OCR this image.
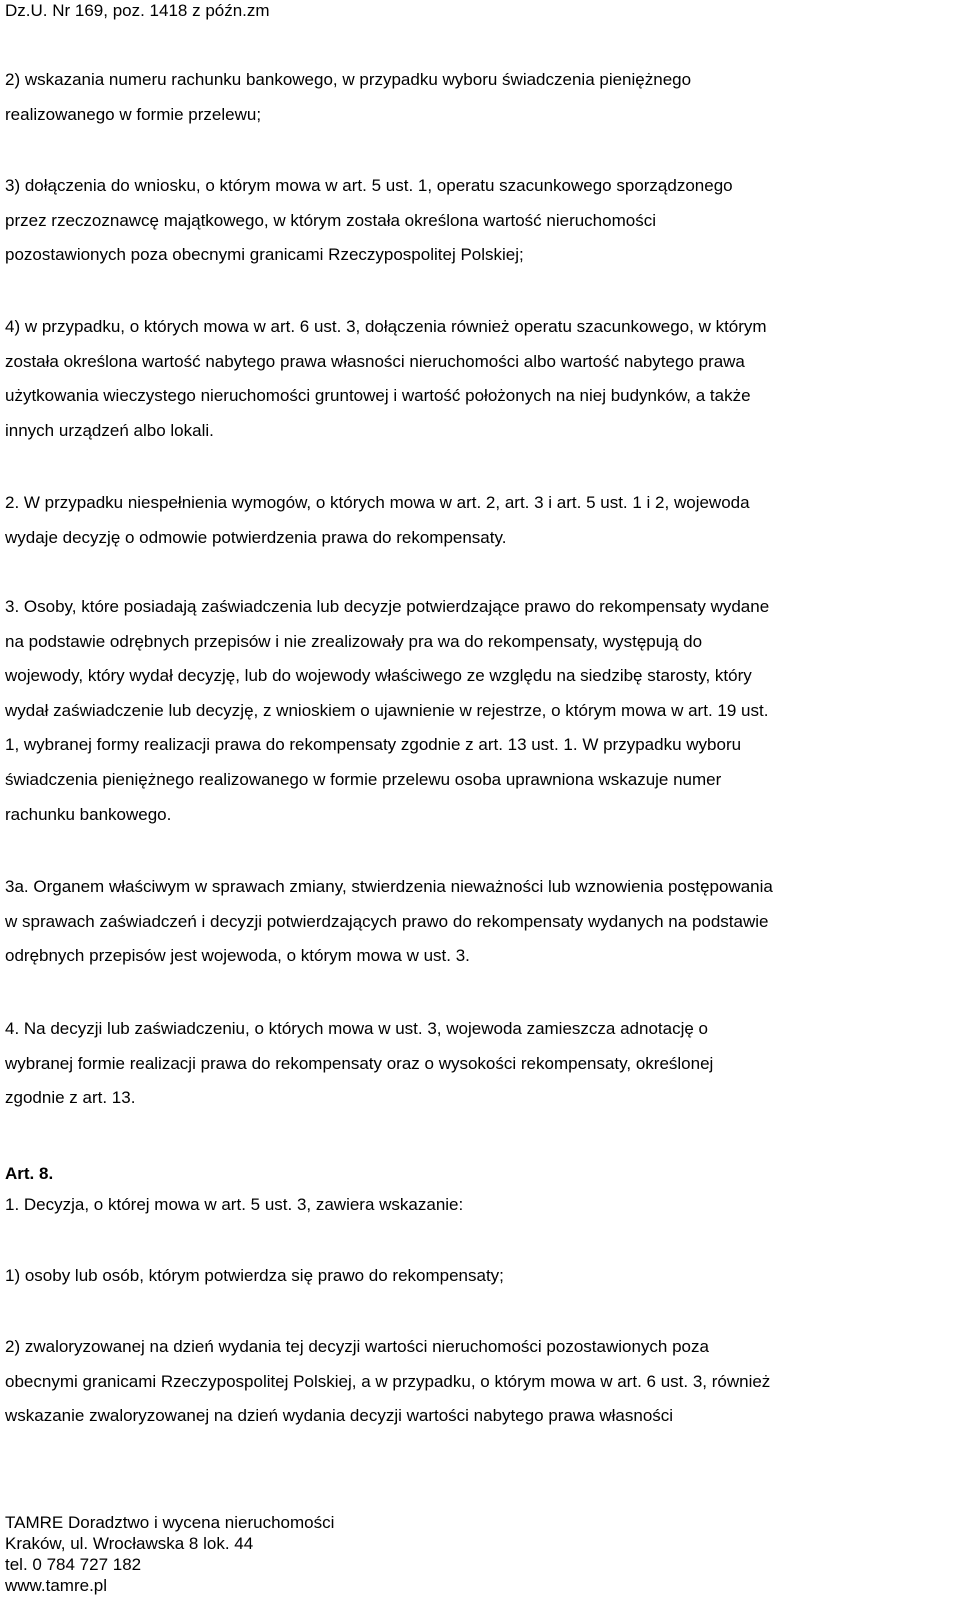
Dz.U. Nr 169, poz. 1418 z późn.zm
2) wskazania numeru rachunku bankowego, w przypadku wyboru świadczenia pieniężnego
realizowanego w formie przelewu;
3) dołączenia do wniosku, o którym mowa w art. 5 ust. 1, operatu szacunkowego sporządzonego
przez rzeczoznawcę majątkowego, w którym została określona wartość nieruchomości
pozostawionych poza obecnymi granicami Rzeczypospolitej Polskiej;
4) w przypadku, o których mowa w art. 6 ust. 3, dołączenia również operatu szacunkowego, w którym
została określona wartość nabytego prawa własności nieruchomości albo wartość nabytego prawa
użytkowania wieczystego nieruchomości gruntowej i wartość położonych na niej budynków, a także
innych urządzeń albo lokali.
2. W przypadku niespełnienia wymogów, o których mowa w art. 2, art. 3 i art. 5 ust. 1 i 2, wojewoda
wydaje decyzję o odmowie potwierdzenia prawa do rekompensaty.
3. Osoby, które posiadają zaświadczenia lub decyzje potwierdzające prawo do rekompensaty wydane
na podstawie odrębnych przepisów i nie zrealizowały pra wa do rekompensaty, występują do
wojewody, który wydał decyzję, lub do wojewody właściwego ze względu na siedzibę starosty, który
wydał zaświadczenie lub decyzję, z wnioskiem o ujawnienie w rejestrze, o którym mowa w art. 19 ust.
1, wybranej formy realizacji prawa do rekompensaty zgodnie z art. 13 ust. 1. W przypadku wyboru
świadczenia pieniężnego realizowanego w formie przelewu osoba uprawniona wskazuje numer
rachunku bankowego.
3a. Organem właściwym w sprawach zmiany, stwierdzenia nieważności lub wznowienia postępowania
w sprawach zaświadczeń i decyzji potwierdzających prawo do rekompensaty wydanych na podstawie
odrębnych przepisów jest wojewoda, o którym mowa w ust. 3.
4. Na decyzji lub zaświadczeniu, o których mowa w ust. 3, wojewoda zamieszcza adnotację o
wybranej formie realizacji prawa do rekompensaty oraz o wysokości rekompensaty, określonej
zgodnie z art. 13.
Art. 8.
1. Decyzja, o której mowa w art. 5 ust. 3, zawiera wskazanie:
1) osoby lub osób, którym potwierdza się prawo do rekompensaty;
2) zwaloryzowanej na dzień wydania tej decyzji wartości nieruchomości pozostawionych poza
obecnymi granicami Rzeczypospolitej Polskiej, a w przypadku, o którym mowa w art. 6 ust. 3, również
wskazanie zwaloryzowanej na dzień wydania decyzji wartości nabytego prawa własności
TAMRE Doradztwo i wycena nieruchomości
Kraków, ul. Wrocławska 8 lok. 44
tel. 0 784 727 182
www.tamre.pl
